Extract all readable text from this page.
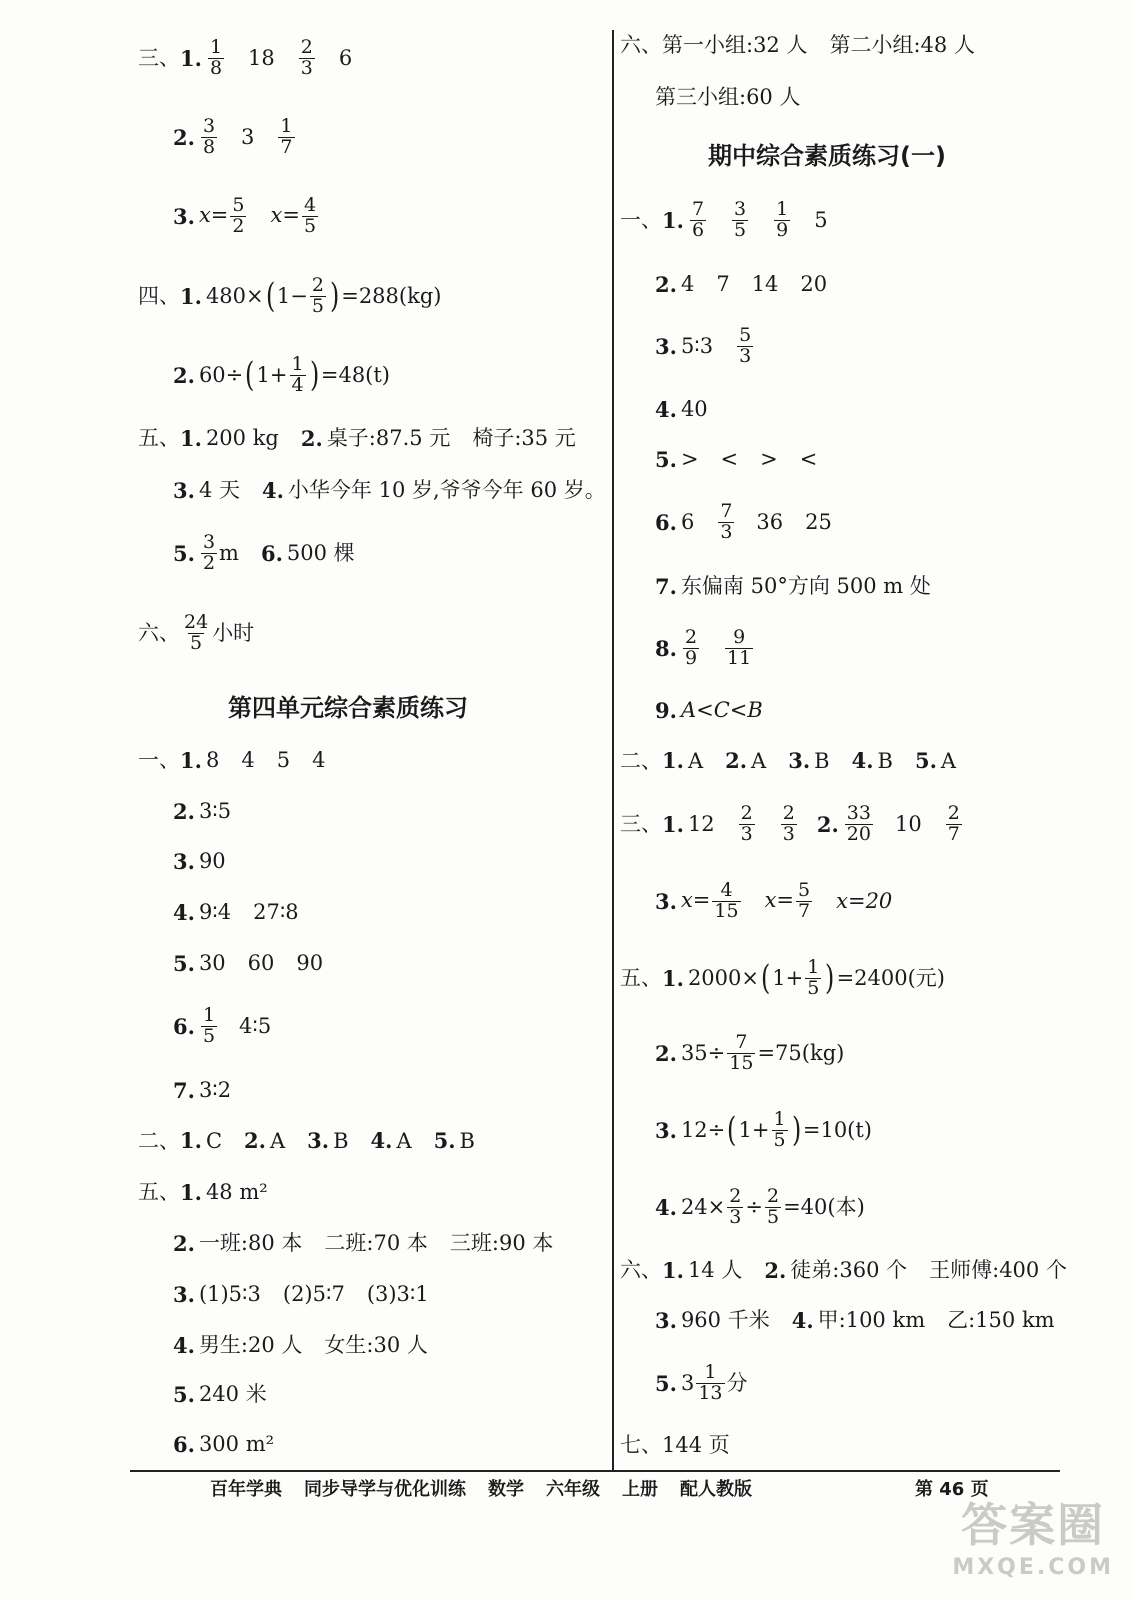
三、 1. $\frac{1}{8} 18 \frac{2}{3} 6$
2. $\frac{3}{8} 3 \frac{1}{7}$
3. $x= \frac{5}{2} x= \frac{4}{5}$
四、 1. 480× ( $1- \frac{2}{5}$ ) =288(kg)
2. 60÷ ( $1+ \frac{1}{4}$ ) =48(t)
五、 1. 200 kg 2. 桌子:87.5 元 椅子:35 元
3. 4 天 4. 小华今年 10 岁,爷爷今年 60 岁。
5. $\frac{3}{2}$ m 6. 500 棵
六、 $\frac{24}{5}$ 小时
第四单元综合素质练习
一、 1. 8 4 5 4
2. 3∶5
3. 90
4. 9∶4 27∶8
5. 30 60 90
6. $\frac{1}{5}$ 4∶5
7. 3∶2
二、 1. C 2. A 3. B 4. A 5. B
五、 1. 48 m²
2. 一班:80 本 二班:70 本 三班:90 本
3. (1)5∶3 (2)5∶7 (3)3∶1
4. 男生:20 人 女生:30 人
5. 240 米
6. 300 m²
六、 第一小组:32 人 第二小组:48 人
第三小组:60 人
期中综合素质练习(一)
一、 1. $\frac{7}{6} \frac{3}{5} \frac{1}{9} 5$
2. 4 7 14 20
3. 5∶3 $\frac{5}{3}$
4. 40
5. > < > <
6. $6 \frac{7}{3} 36$ 25
7. 东偏南 50°方向 500 m 处
8. $\frac{2}{9} \frac{9}{11}$
9. A<C<B
二、 1. A 2. A 3. B 4. B 5. A
三、 1. $12 \frac{2}{3} \frac{2}{3} 2$. $\frac{33}{20} 10 \frac{2}{7}$
3. $x= \frac{4}{15} x= \frac{5}{7} x=20$
五、 1. 2000× ( $1+ \frac{1}{5}$ ) =2400(元)
2. $35\div \frac{7}{15} =75(kg)$
3. 12÷ ( $1+ \frac{1}{5}$ ) =10(t)
4. $24\times \frac{2}{3} \div \frac{2}{5} =40$(本)
六、 1. 14 人 2. 徒弟:360 个 王师傅:400 个
3. 960 千米 4. 甲:100 km 乙:150 km
5. $3 \frac{1}{13}$ 分
七、 144 页
百年学典 同步导学与优化训练 数学 六年级 上册 配人教版	第 46 页
答案圈
MXQE.COM
